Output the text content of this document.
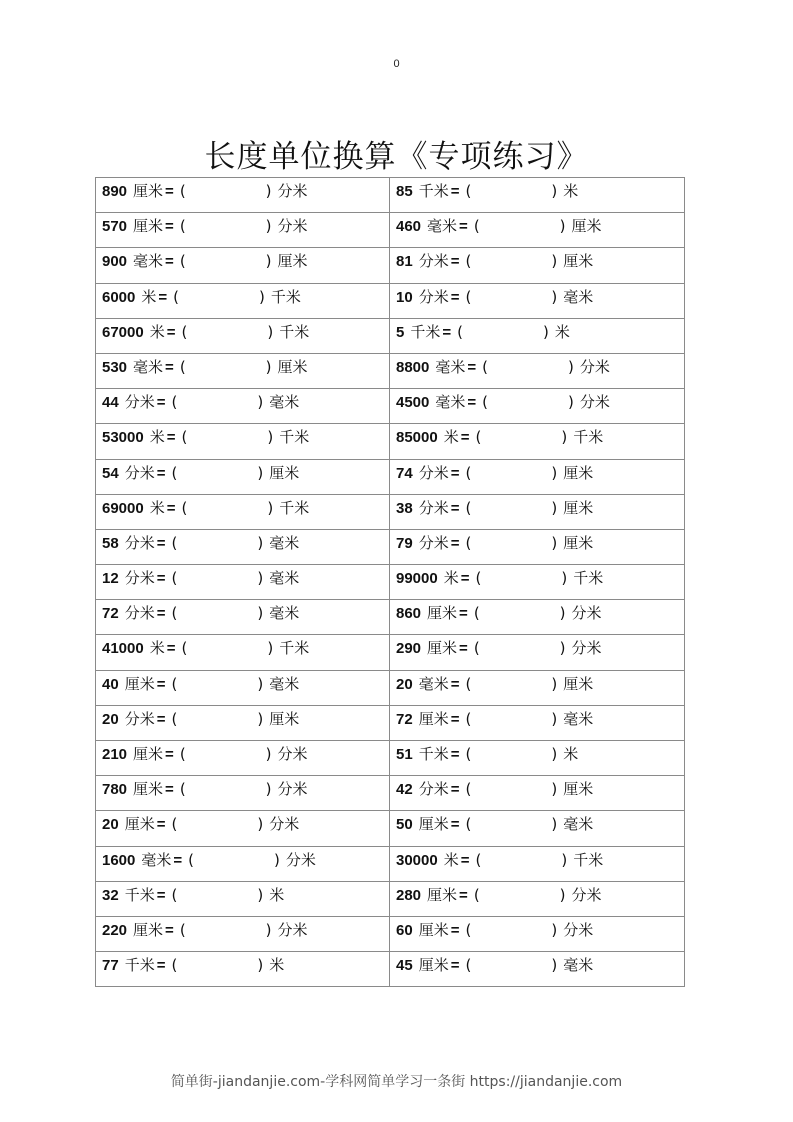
0
长度单位换算《专项练习》
890 厘米 = ( ) 分米	85 千米 = ( ) 米

570 厘米 = ( ) 分米	460 毫米 = ( ) 厘米

900 毫米 = ( ) 厘米	81 分米 = ( ) 厘米

6000 米 = ( ) 千米	10 分米 = ( ) 毫米

67000 米 = ( ) 千米	5 千米 = ( ) 米

530 毫米 = ( ) 厘米	8800 毫米 = ( ) 分米

44 分米 = ( ) 毫米	4500 毫米 = ( ) 分米

53000 米 = ( ) 千米	85000 米 = ( ) 千米

54 分米 = ( ) 厘米	74 分米 = ( ) 厘米

69000 米 = ( ) 千米	38 分米 = ( ) 厘米

58 分米 = ( ) 毫米	79 分米 = ( ) 厘米

12 分米 = ( ) 毫米	99000 米 = ( ) 千米

72 分米 = ( ) 毫米	860 厘米 = ( ) 分米

41000 米 = ( ) 千米	290 厘米 = ( ) 分米

40 厘米 = ( ) 毫米	20 毫米 = ( ) 厘米

20 分米 = ( ) 厘米	72 厘米 = ( ) 毫米

210 厘米 = ( ) 分米	51 千米 = ( ) 米

780 厘米 = ( ) 分米	42 分米 = ( ) 厘米

20 厘米 = ( ) 分米	50 厘米 = ( ) 毫米

1600 毫米 = ( ) 分米	30000 米 = ( ) 千米

32 千米 = ( ) 米	280 厘米 = ( ) 分米

220 厘米 = ( ) 分米	60 厘米 = ( ) 分米

77 千米 = ( ) 米	45 厘米 = ( ) 毫米
简单街-jiandanjie.com-学科网简单学习一条街 https://jiandanjie.com
